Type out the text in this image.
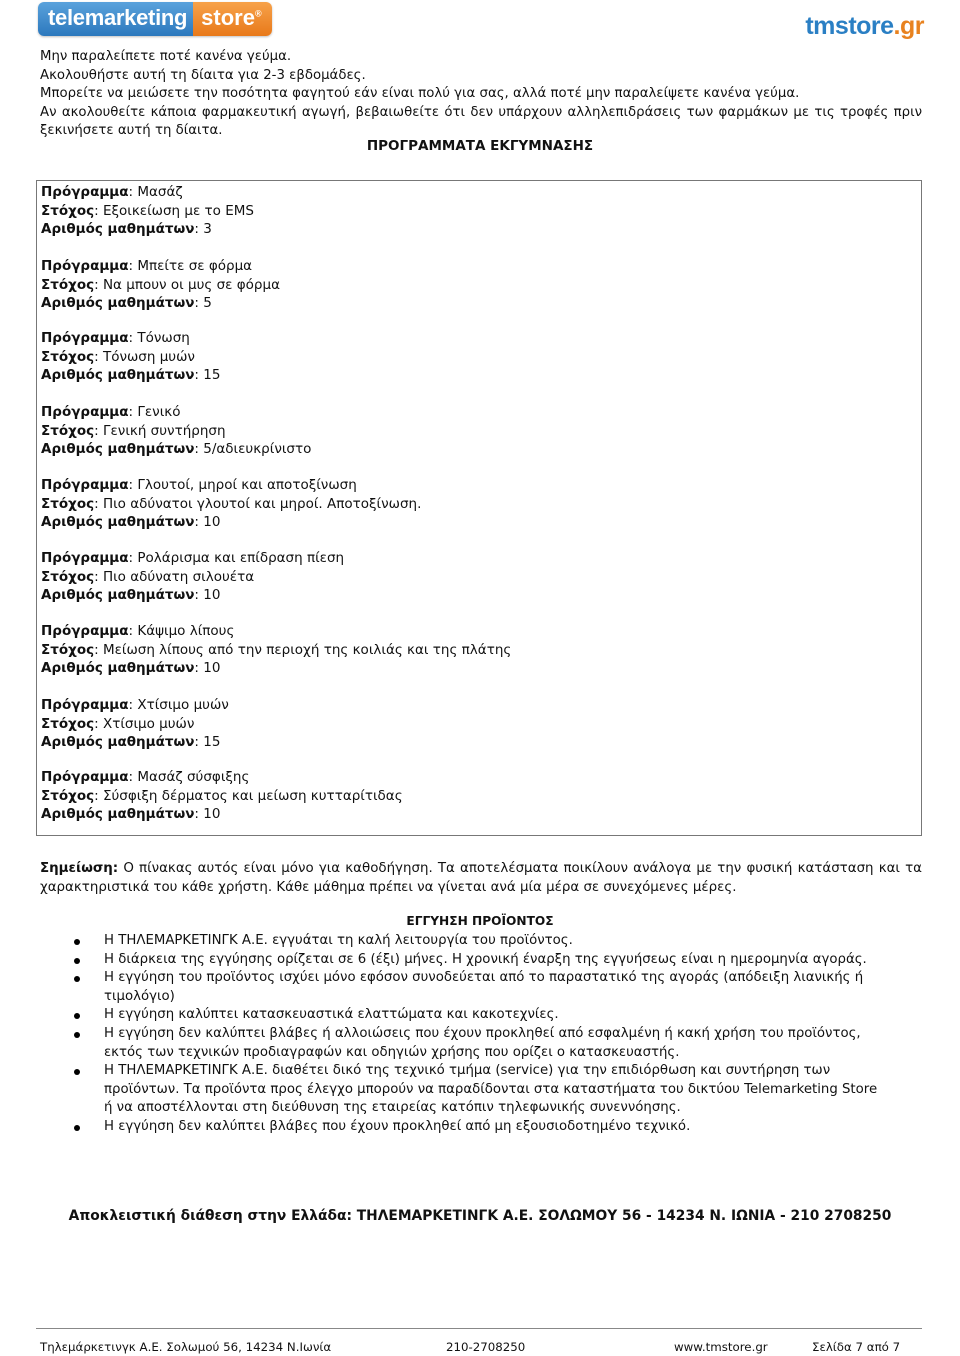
telemarketing store®	tmstore.gr

Μην παραλείπετε ποτέ κανένα γεύμα.

Ακολουθήστε αυτή τη δίαιτα για 2-3 εβδομάδες.

Μπορείτε να μειώσετε την ποσότητα φαγητού εάν είναι πολύ για σας, αλλά ποτέ μην παραλείψετε κανένα γεύμα.

Αν ακολουθείτε κάποια φαρμακευτική αγωγή, βεβαιωθείτε ότι δεν υπάρχουν αλληλεπιδράσεις των φαρμάκων με τις τροφές πριν ξεκινήσετε αυτή τη δίαιτα.

ΠΡΟΓΡΑΜΜΑΤΑ ΕΚΓΥΜΝΑΣΗΣ
Πρόγραμμα: Μασάζ
Στόχος: Εξοικείωση με το EMS
Αριθμός μαθημάτων: 3
Πρόγραμμα: Μπείτε σε φόρμα
Στόχος: Να μπουν οι μυς σε φόρμα
Αριθμός μαθημάτων: 5
Πρόγραμμα: Τόνωση
Στόχος: Τόνωση μυών
Αριθμός μαθημάτων: 15
Πρόγραμμα: Γενικό
Στόχος: Γενική συντήρηση
Αριθμός μαθημάτων: 5/αδιευκρίνιστο
Πρόγραμμα: Γλουτοί, μηροί και αποτοξίνωση
Στόχος: Πιο αδύνατοι γλουτοί και μηροί. Αποτοξίνωση.
Αριθμός μαθημάτων: 10
Πρόγραμμα: Ρολάρισμα και επίδραση πίεση
Στόχος: Πιο αδύνατη σιλουέτα
Αριθμός μαθημάτων: 10
Πρόγραμμα: Κάψιμο λίπους
Στόχος: Μείωση λίπους από την περιοχή της κοιλιάς και της πλάτης
Αριθμός μαθημάτων: 10
Πρόγραμμα: Χτίσιμο μυών
Στόχος: Χτίσιμο μυών
Αριθμός μαθημάτων: 15
Πρόγραμμα: Μασάζ σύσφιξης
Στόχος: Σύσφιξη δέρματος και μείωση κυτταρίτιδας
Αριθμός μαθημάτων: 10
Σημείωση: Ο πίνακας αυτός είναι μόνο για καθοδήγηση. Τα αποτελέσματα ποικίλουν ανάλογα με την φυσική κατάσταση και τα χαρακτηριστικά του κάθε χρήστη. Κάθε μάθημα πρέπει να γίνεται ανά μία μέρα σε συνεχόμενες μέρες.
ΕΓΓΥΗΣΗ ΠΡΟΪΟΝΤΟΣ
Η ΤΗΛΕΜΑΡΚΕΤΙΝΓΚ Α.Ε. εγγυάται τη καλή λειτουργία του προϊόντος.
Η διάρκεια της εγγύησης ορίζεται σε 6 (έξι) μήνες. Η χρονική έναρξη της εγγυήσεως είναι η ημερομηνία αγοράς.
Η εγγύηση του προϊόντος ισχύει μόνο εφόσον συνοδεύεται από το παραστατικό της αγοράς (απόδειξη λιανικής ή τιμολόγιο)
Η εγγύηση καλύπτει κατασκευαστικά ελαττώματα και κακοτεχνίες.
Η εγγύηση δεν καλύπτει βλάβες ή αλλοιώσεις που έχουν προκληθεί από εσφαλμένη ή κακή χρήση του προϊόντος, εκτός των τεχνικών προδιαγραφών και οδηγιών χρήσης που ορίζει ο κατασκευαστής.
Η ΤΗΛΕΜΑΡΚΕΤΙΝΓΚ Α.Ε. διαθέτει δικό της τεχνικό τμήμα (service) για την επιδιόρθωση και συντήρηση των προϊόντων. Τα προϊόντα προς έλεγχο μπορούν να παραδίδονται στα καταστήματα του δικτύου Telemarketing Store ή να αποστέλλονται στη διεύθυνση της εταιρείας κατόπιν τηλεφωνικής συνεννόησης.
Η εγγύηση δεν καλύπτει βλάβες που έχουν προκληθεί από μη εξουσιοδοτημένο τεχνικό.
Αποκλειστική διάθεση στην Ελλάδα: ΤΗΛΕΜΑΡΚΕΤΙΝΓΚ Α.Ε. ΣΟΛΩΜΟΥ 56 - 14234 Ν. ΙΩΝΙΑ - 210 2708250
Τηλεμάρκετινγκ Α.Ε. Σολωμού 56, 14234 Ν.Ιωνία	210-2708250	www.tmstore.gr	Σελίδα 7 από 7
